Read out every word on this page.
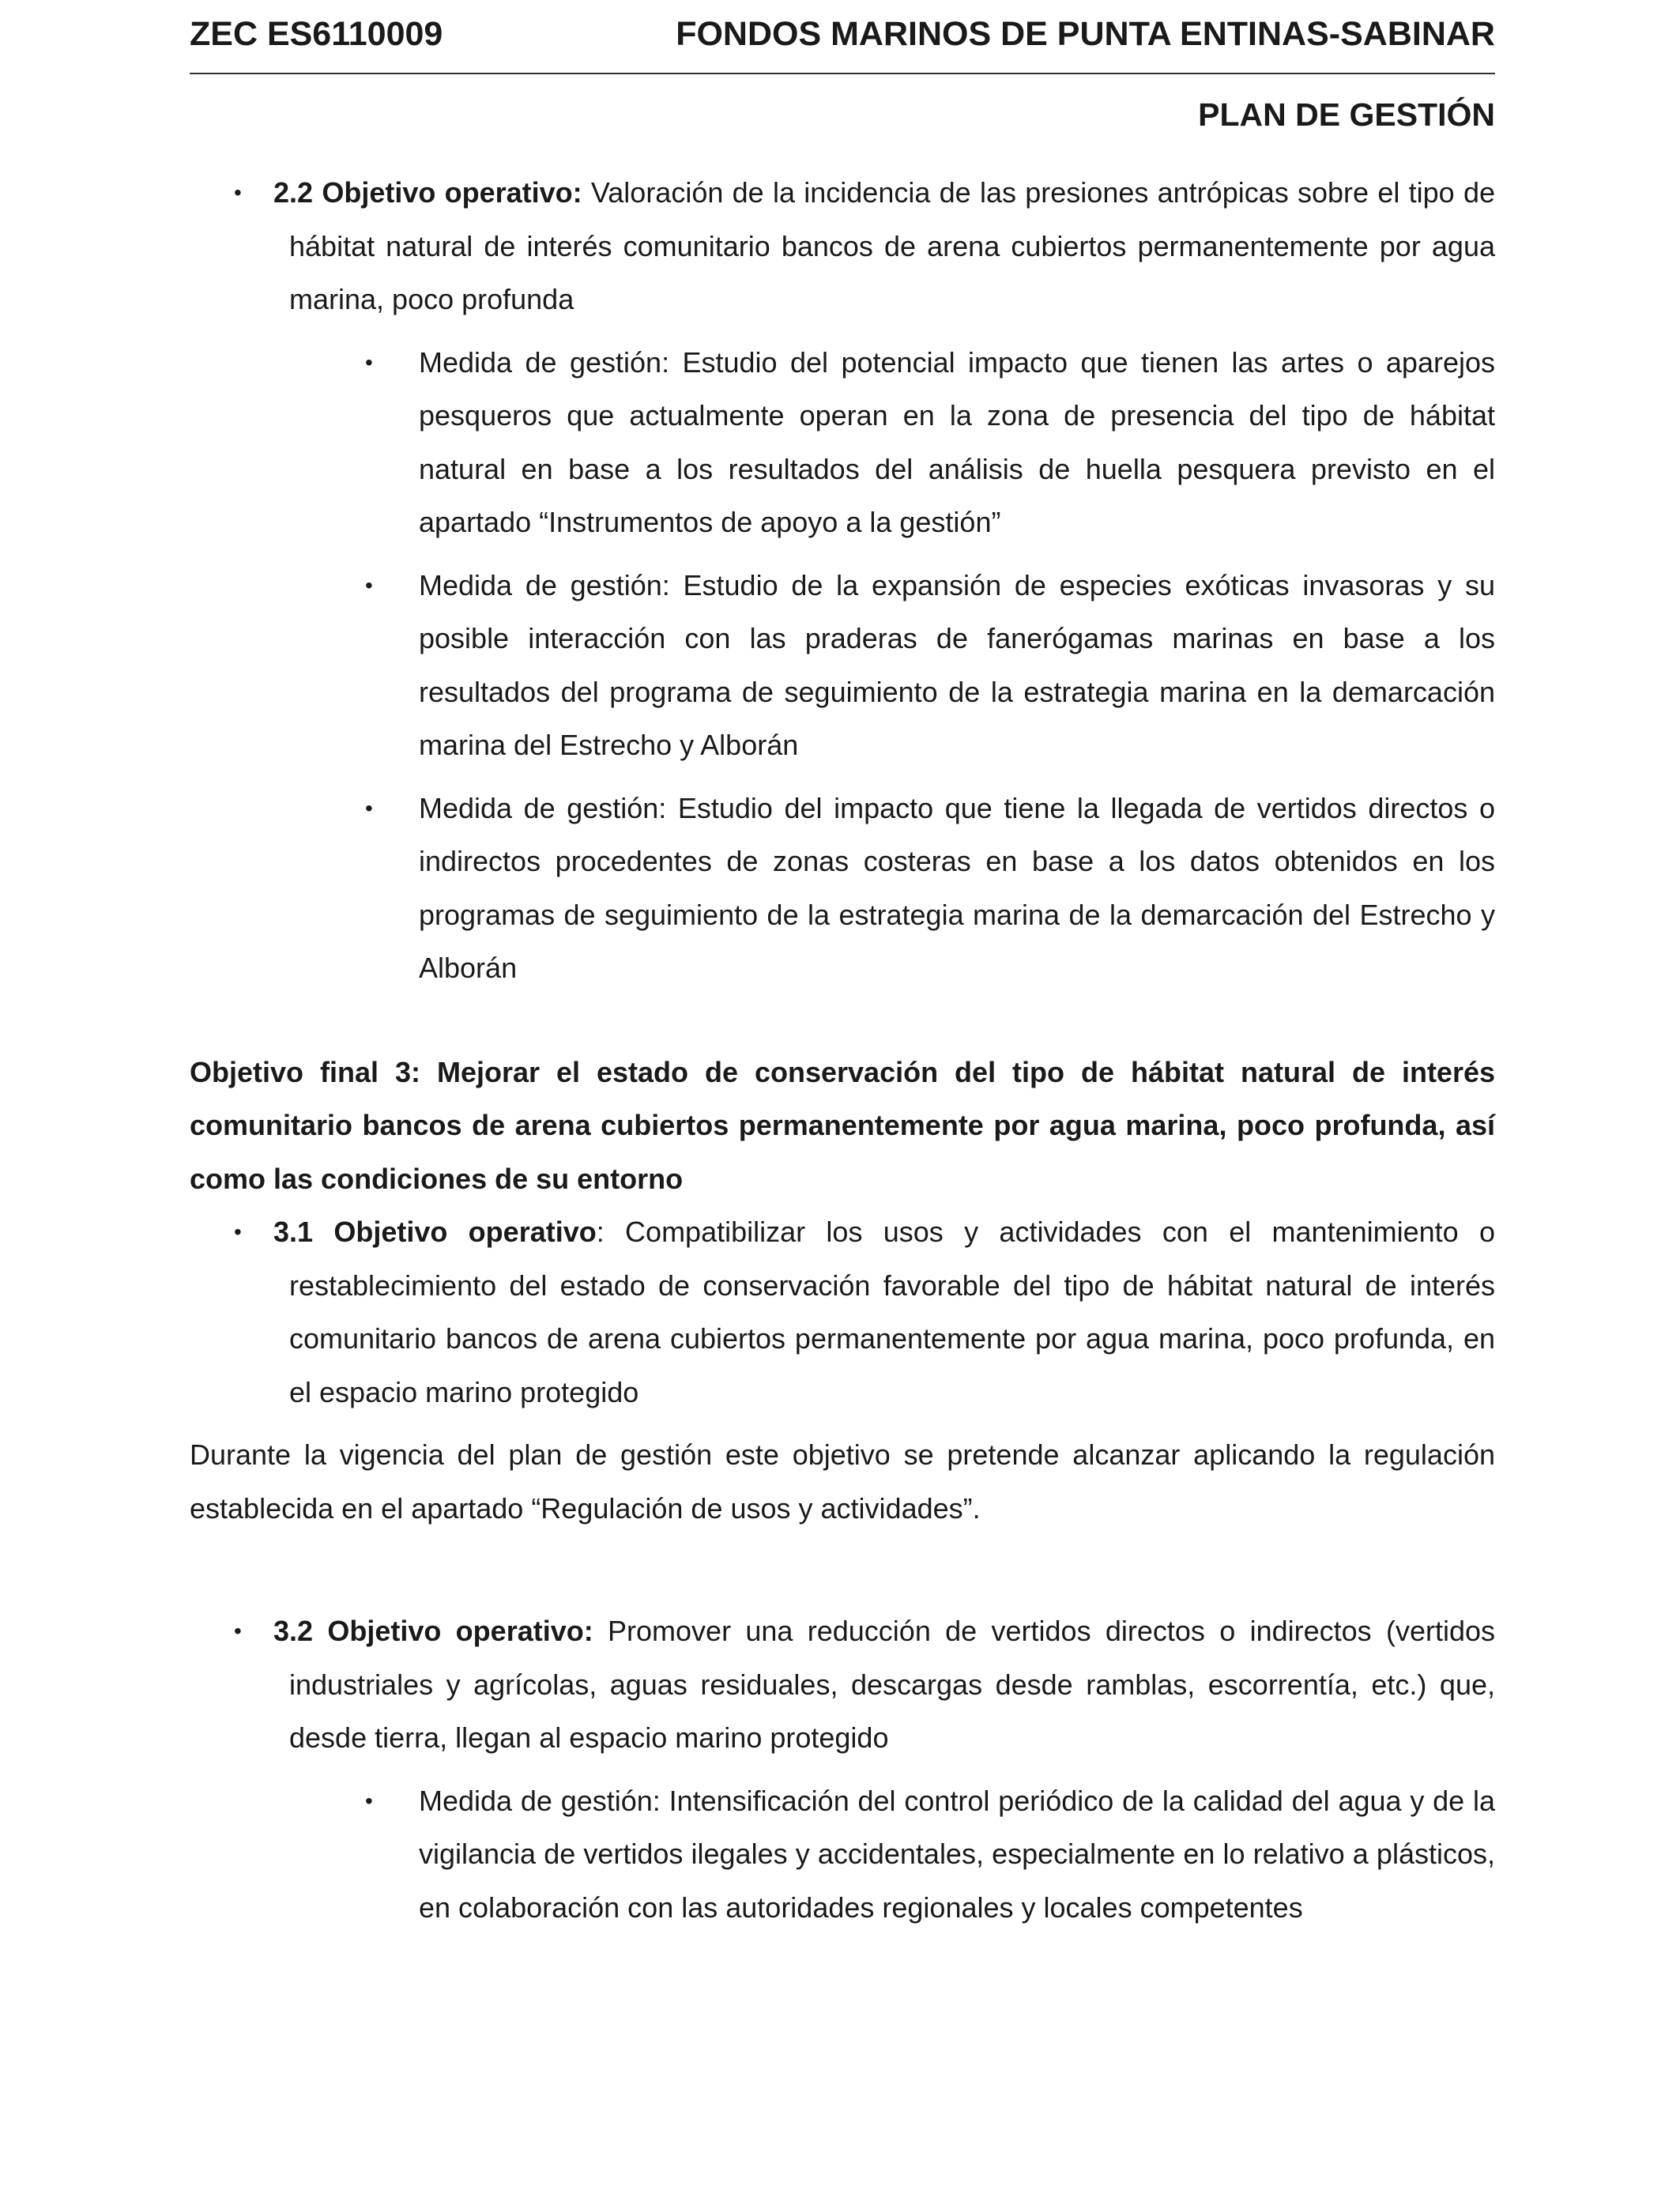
ZEC ES6110009	FONDOS MARINOS DE PUNTA ENTINAS-SABINAR
PLAN DE GESTIÓN
• 2.2 Objetivo operativo: Valoración de la incidencia de las presiones antrópicas sobre el tipo de hábitat natural de interés comunitario bancos de arena cubiertos permanentemente por agua marina, poco profunda
• Medida de gestión: Estudio del potencial impacto que tienen las artes o aparejos pesqueros que actualmente operan en la zona de presencia del tipo de hábitat natural en base a los resultados del análisis de huella pesquera previsto en el apartado “Instrumentos de apoyo a la gestión”
• Medida de gestión: Estudio de la expansión de especies exóticas invasoras y su posible interacción con las praderas de fanerógamas marinas en base a los resultados del programa de seguimiento de la estrategia marina en la demarcación marina del Estrecho y Alborán
• Medida de gestión: Estudio del impacto que tiene la llegada de vertidos directos o indirectos procedentes de zonas costeras en base a los datos obtenidos en los programas de seguimiento de la estrategia marina de la demarcación del Estrecho y Alborán
Objetivo final 3: Mejorar el estado de conservación del tipo de hábitat natural de interés comunitario bancos de arena cubiertos permanentemente por agua marina, poco profunda, así como las condiciones de su entorno
• 3.1 Objetivo operativo: Compatibilizar los usos y actividades con el mantenimiento o restablecimiento del estado de conservación favorable del tipo de hábitat natural de interés comunitario bancos de arena cubiertos permanentemente por agua marina, poco profunda, en el espacio marino protegido
Durante la vigencia del plan de gestión este objetivo se pretende alcanzar aplicando la regulación establecida en el apartado “Regulación de usos y actividades”.
• 3.2 Objetivo operativo: Promover una reducción de vertidos directos o indirectos (vertidos industriales y agrícolas, aguas residuales, descargas desde ramblas, escorrentía, etc.) que, desde tierra, llegan al espacio marino protegido
• Medida de gestión: Intensificación del control periódico de la calidad del agua y de la vigilancia de vertidos ilegales y accidentales, especialmente en lo relativo a plásticos, en colaboración con las autoridades regionales y locales competentes
